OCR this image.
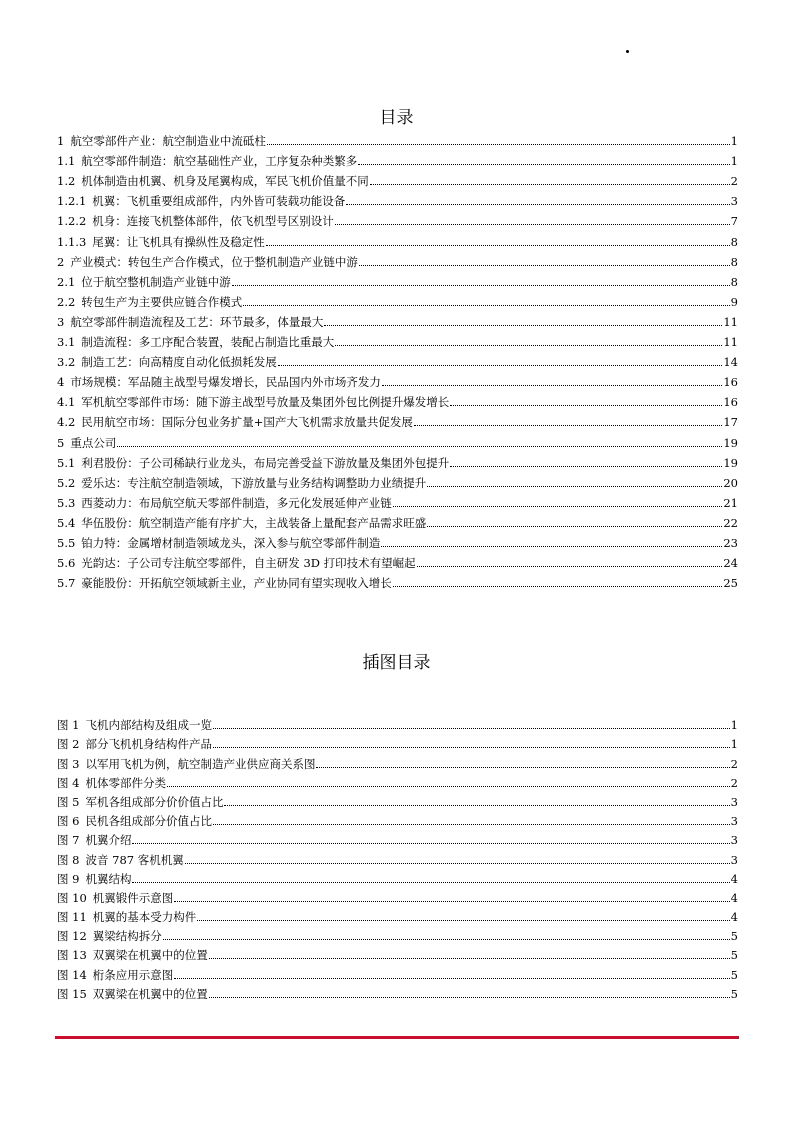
目录
1 航空零部件产业：航空制造业中流砥柱	1
1.1 航空零部件制造：航空基础性产业，工序复杂种类繁多	1
1.2 机体制造由机翼、机身及尾翼构成，军民飞机价值量不同	2
1.2.1 机翼：飞机重要组成部件，内外皆可装载功能设备	3
1.2.2 机身：连接飞机整体部件，依飞机型号区别设计	7
1.1.3 尾翼：让飞机具有操纵性及稳定性	8
2 产业模式：转包生产合作模式，位于整机制造产业链中游	8
2.1 位于航空整机制造产业链中游	8
2.2 转包生产为主要供应链合作模式	9
3 航空零部件制造流程及工艺：环节最多，体量最大	11
3.1 制造流程：多工序配合装置，装配占制造比重最大	11
3.2 制造工艺：向高精度自动化低损耗发展	14
4 市场规模：军品随主战型号爆发增长，民品国内外市场齐发力	16
4.1 军机航空零部件市场：随下游主战型号放量及集团外包比例提升爆发增长	16
4.2 民用航空市场：国际分包业务扩量+国产大飞机需求放量共促发展	17
5 重点公司	19
5.1 利君股份：子公司稀缺行业龙头，布局完善受益下游放量及集团外包提升	19
5.2 爱乐达：专注航空制造领域，下游放量与业务结构调整助力业绩提升	20
5.3 西菱动力：布局航空航天零部件制造，多元化发展延伸产业链	21
5.4 华伍股份：航空制造产能有序扩大，主战装备上量配套产品需求旺盛	22
5.5 铂力特：金属增材制造领域龙头，深入参与航空零部件制造	23
5.6 光韵达：子公司专注航空零部件，自主研发 3D 打印技术有望崛起	24
5.7 豪能股份：开拓航空领域新主业，产业协同有望实现收入增长	25
插图目录
图 1 飞机内部结构及组成一览	1
图 2 部分飞机机身结构件产品	1
图 3 以军用飞机为例，航空制造产业供应商关系图	2
图 4 机体零部件分类	2
图 5 军机各组成部分价价值占比	3
图 6 民机各组成部分价值占比	3
图 7 机翼介绍	3
图 8 波音 787 客机机翼	3
图 9 机翼结构	4
图 10 机翼锻件示意图	4
图 11 机翼的基本受力构件	4
图 12 翼梁结构拆分	5
图 13 双翼梁在机翼中的位置	5
图 14 桁条应用示意图	5
图 15 双翼梁在机翼中的位置	5
